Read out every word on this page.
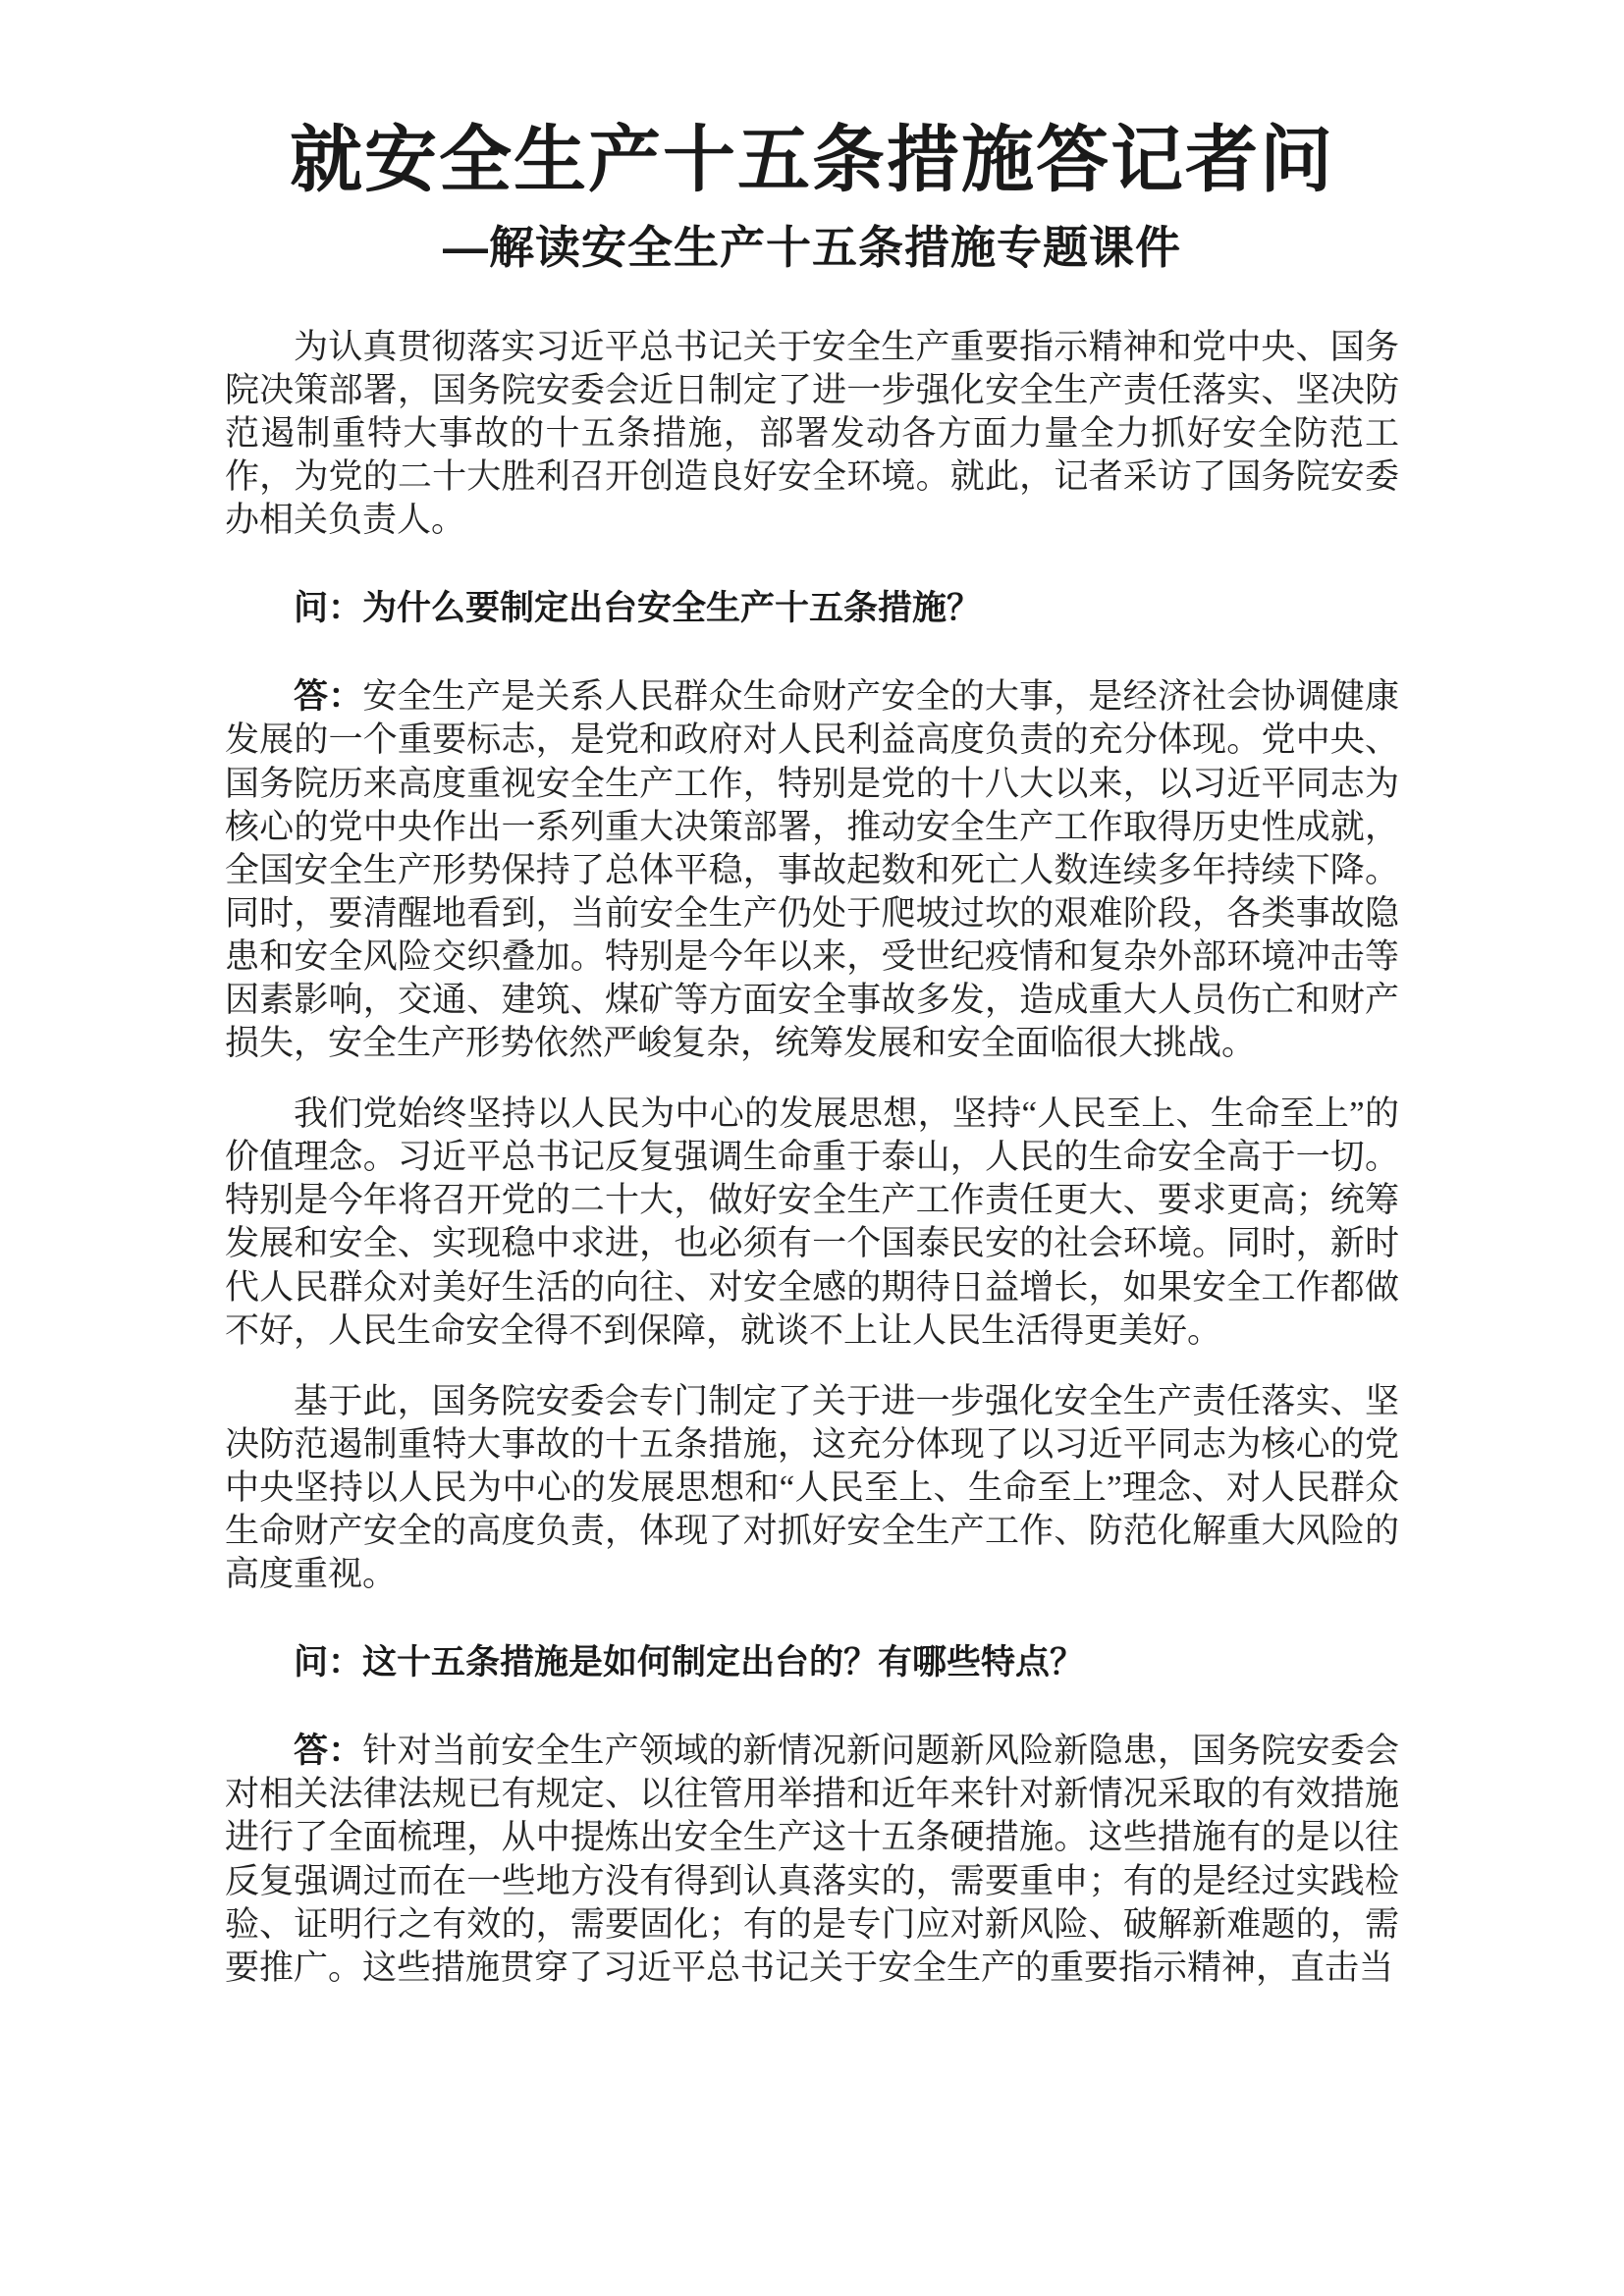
就安全生产十五条措施答记者问
—解读安全生产十五条措施专题课件

为认真贯彻落实习近平总书记关于安全生产重要指示精神和党中央、国务院决策部署，国务院安委会近日制定了进一步强化安全生产责任落实、坚决防范遏制重特大事故的十五条措施，部署发动各方面力量全力抓好安全防范工作，为党的二十大胜利召开创造良好安全环境。就此，记者采访了国务院安委办相关负责人。

问：为什么要制定出台安全生产十五条措施？

答：安全生产是关系人民群众生命财产安全的大事，是经济社会协调健康发展的一个重要标志，是党和政府对人民利益高度负责的充分体现。党中央、国务院历来高度重视安全生产工作，特别是党的十八大以来，以习近平同志为核心的党中央作出一系列重大决策部署，推动安全生产工作取得历史性成就，全国安全生产形势保持了总体平稳，事故起数和死亡人数连续多年持续下降。同时，要清醒地看到，当前安全生产仍处于爬坡过坎的艰难阶段，各类事故隐患和安全风险交织叠加。特别是今年以来，受世纪疫情和复杂外部环境冲击等因素影响，交通、建筑、煤矿等方面安全事故多发，造成重大人员伤亡和财产损失，安全生产形势依然严峻复杂，统筹发展和安全面临很大挑战。

我们党始终坚持以人民为中心的发展思想，坚持“人民至上、生命至上”的价值理念。习近平总书记反复强调生命重于泰山，人民的生命安全高于一切。特别是今年将召开党的二十大，做好安全生产工作责任更大、要求更高；统筹发展和安全、实现稳中求进，也必须有一个国泰民安的社会环境。同时，新时代人民群众对美好生活的向往、对安全感的期待日益增长，如果安全工作都做不好，人民生命安全得不到保障，就谈不上让人民生活得更美好。

基于此，国务院安委会专门制定了关于进一步强化安全生产责任落实、坚决防范遏制重特大事故的十五条措施，这充分体现了以习近平同志为核心的党中央坚持以人民为中心的发展思想和“人民至上、生命至上”理念、对人民群众生命财产安全的高度负责，体现了对抓好安全生产工作、防范化解重大风险的高度重视。

问：这十五条措施是如何制定出台的？有哪些特点？

答：针对当前安全生产领域的新情况新问题新风险新隐患，国务院安委会对相关法律法规已有规定、以往管用举措和近年来针对新情况采取的有效措施进行了全面梳理，从中提炼出安全生产这十五条硬措施。这些措施有的是以往反复强调过而在一些地方没有得到认真落实的，需要重申；有的是经过实践检验、证明行之有效的，需要固化；有的是专门应对新风险、破解新难题的，需要推广。这些措施贯穿了习近平总书记关于安全生产的重要指示精神，直击当
